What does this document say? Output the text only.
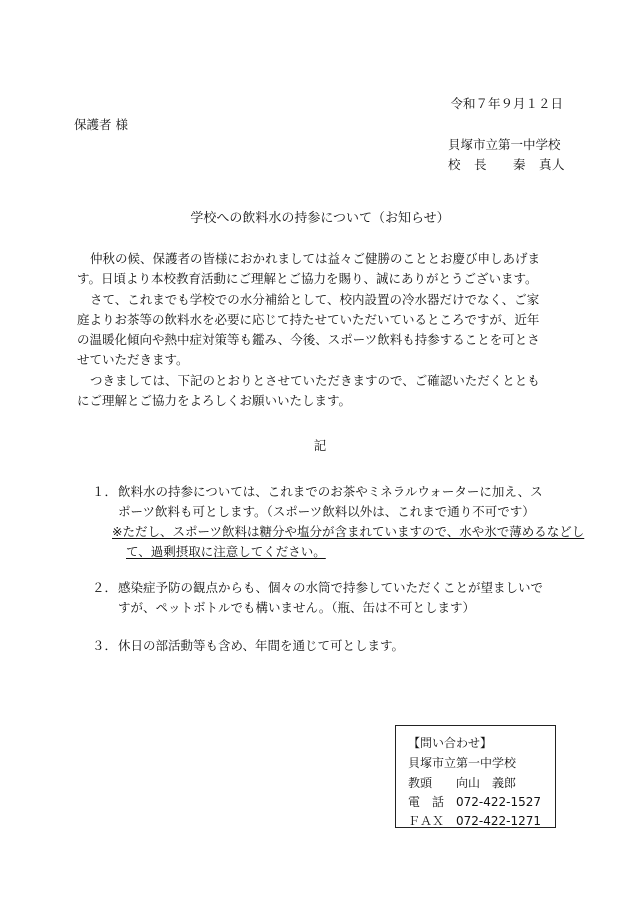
令和７年９月１２日
保護者 様
貝塚市立第一中学校
校　長　　秦　真人
学校への飲料水の持参について（お知らせ）
仲秋の候、保護者の皆様におかれましては益々ご健勝のこととお慶び申しあげま
す。日頃より本校教育活動にご理解とご協力を賜り、誠にありがとうございます。
さて、これまでも学校での水分補給として、校内設置の冷水器だけでなく、ご家
庭よりお茶等の飲料水を必要に応じて持たせていただいているところですが、近年
の温暖化傾向や熱中症対策等も鑑み、今後、スポーツ飲料も持参することを可とさ
せていただきます。
つきましては、下記のとおりとさせていただきますので、ご確認いただくととも
にご理解とご協力をよろしくお願いいたします。
記
１． 飲料水の持参については、これまでのお茶やミネラルウォーターに加え、ス
ポーツ飲料も可とします。（スポーツ飲料以外は、これまで通り不可です）
※ただし、スポーツ飲料は糖分や塩分が含まれていますので、水や氷で薄めるなどし
て、過剰摂取に注意してください。
２． 感染症予防の観点からも、個々の水筒で持参していただくことが望ましいで
すが、ペットボトルでも構いません。（瓶、缶は不可とします）
３． 休日の部活動等も含め、年間を通じて可とします。
【問い合わせ】
貝塚市立第一中学校
教頭　　向山　義郎
電　話　072-422-1527
ＦＡＸ　072-422-1271
